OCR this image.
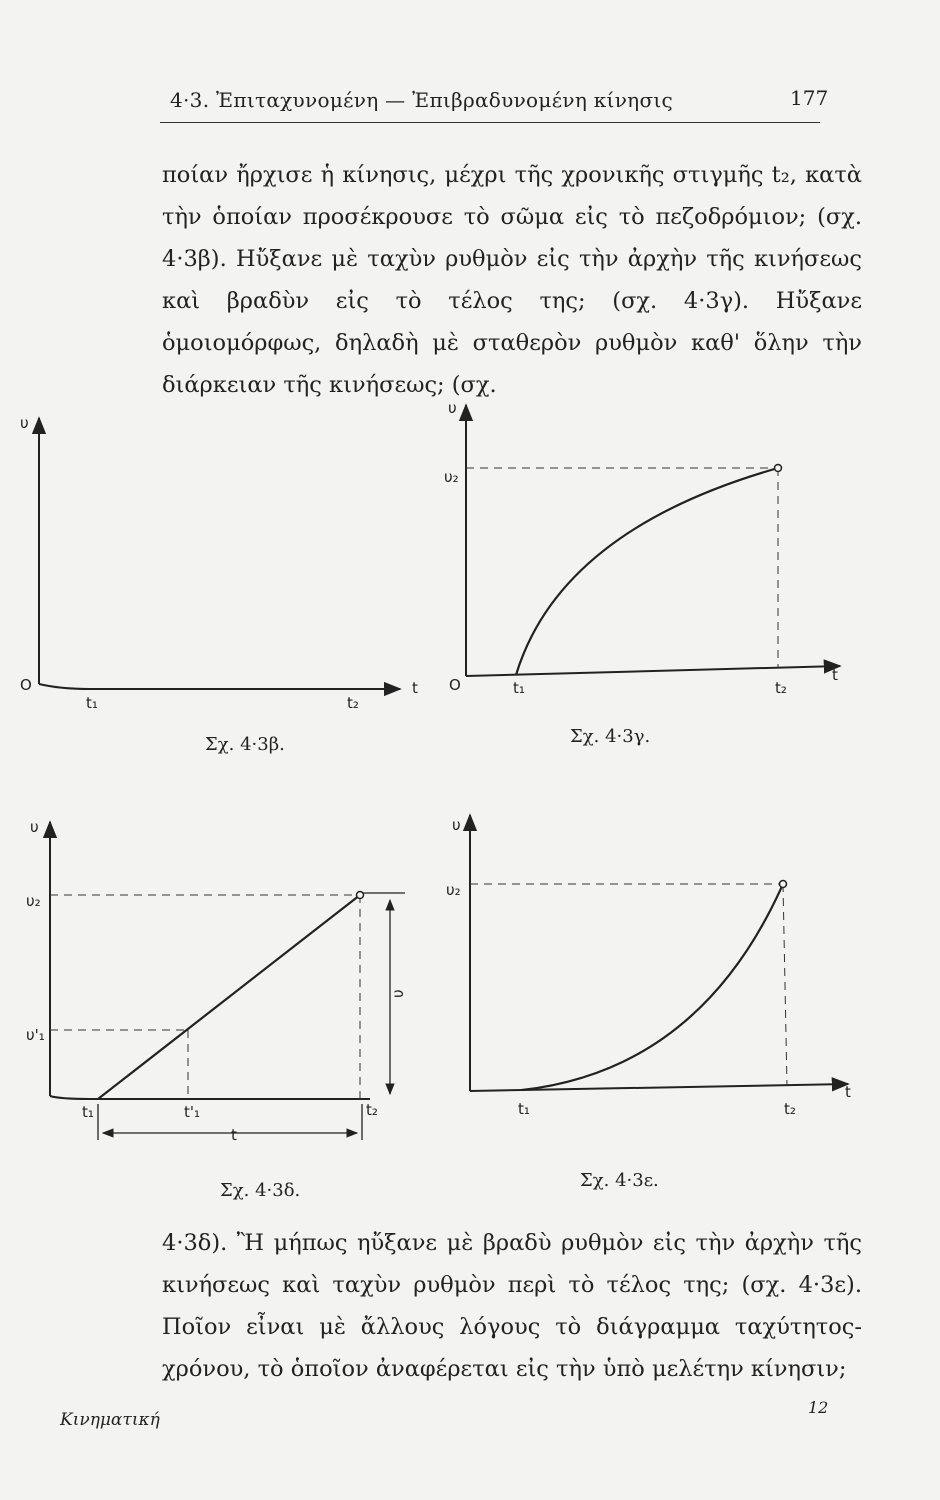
4·3. Ἐπιταχυνομένη — Ἐπιβραδυνομένη κίνησις	177

ποίαν ἤρχισε ἡ κίνησις, μέχρι τῆς χρονικῆς στιγμῆς t₂, κατὰ τὴν ὁποίαν προσέκρουσε τὸ σῶμα εἰς τὸ πεζοδρόμιον; (σχ. 4·3β). Ηὔξανε μὲ ταχὺν ρυθμὸν εἰς τὴν ἀρχὴν τῆς κινήσεως καὶ βραδὺν εἰς τὸ τέλος της; (σχ. 4·3γ). Ηὔξανε ὁμοιομόρφως, δηλαδὴ μὲ σταθερὸν ρυθμὸν καθ' ὅλην τὴν διάρκειαν τῆς κινήσεως; (σχ.

υ
t
O
t₁	t₂
υ
υ₂
O	t₁	t₂
t
υ
υ₂
υ'₁
t₁	t'₁	t₂
t
υ
υ
υ₂
t₁	t₂
t
Σχ. 4·3β.	Σχ. 4·3γ.
Σχ. 4·3δ.	Σχ. 4·3ε.

4·3δ). Ἢ μήπως ηὔξανε μὲ βραδὺ ρυθμὸν εἰς τὴν ἀρχὴν τῆς κινήσεως καὶ ταχὺν ρυθμὸν περὶ τὸ τέλος της; (σχ. 4·3ε). Ποῖον εἶναι μὲ ἄλλους λόγους τὸ διάγραμμα ταχύτητος-χρόνου, τὸ ὁποῖον ἀναφέρεται εἰς τὴν ὑπὸ μελέτην κίνησιν;

Κινηματική
12
